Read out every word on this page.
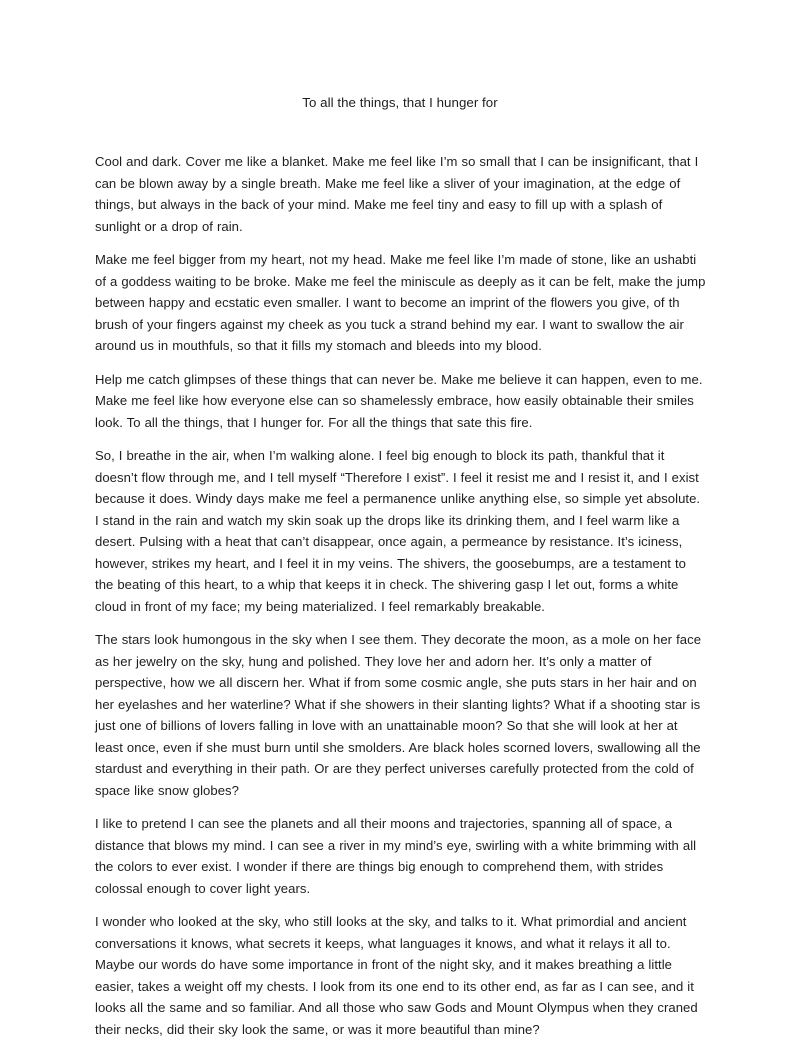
To all the things, that I hunger for

Cool and dark. Cover me like a blanket. Make me feel like I’m so small that I can be insignificant, that I can be blown away by a single breath. Make me feel like a sliver of your imagination, at the edge of things, but always in the back of your mind. Make me feel tiny and easy to fill up with a splash of sunlight or a drop of rain.

Make me feel bigger from my heart, not my head. Make me feel like I’m made of stone, like an ushabti of a goddess waiting to be broke. Make me feel the miniscule as deeply as it can be felt, make the jump between happy and ecstatic even smaller. I want to become an imprint of the flowers you give, of th brush of your fingers against my cheek as you tuck a strand behind my ear. I want to swallow the air around us in mouthfuls, so that it fills my stomach and bleeds into my blood.

Help me catch glimpses of these things that can never be. Make me believe it can happen, even to me. Make me feel like how everyone else can so shamelessly embrace, how easily obtainable their smiles look. To all the things, that I hunger for. For all the things that sate this fire.

So, I breathe in the air, when I’m walking alone. I feel big enough to block its path, thankful that it doesn’t flow through me, and I tell myself “Therefore I exist”. I feel it resist me and I resist it, and I exist because it does. Windy days make me feel a permanence unlike anything else, so simple yet absolute. I stand in the rain and watch my skin soak up the drops like its drinking them, and I feel warm like a desert. Pulsing with a heat that can’t disappear, once again, a permeance by resistance. It’s iciness, however, strikes my heart, and I feel it in my veins. The shivers, the goosebumps, are a testament to the beating of this heart, to a whip that keeps it in check. The shivering gasp I let out, forms a white cloud in front of my face; my being materialized. I feel remarkably breakable.

The stars look humongous in the sky when I see them. They decorate the moon, as a mole on her face as her jewelry on the sky, hung and polished. They love her and adorn her. It’s only a matter of perspective, how we all discern her. What if from some cosmic angle, she puts stars in her hair and on her eyelashes and her waterline? What if she showers in their slanting lights? What if a shooting star is just one of billions of lovers falling in love with an unattainable moon? So that she will look at her at least once, even if she must burn until she smolders. Are black holes scorned lovers, swallowing all the stardust and everything in their path. Or are they perfect universes carefully protected from the cold of space like snow globes?

I like to pretend I can see the planets and all their moons and trajectories, spanning all of space, a distance that blows my mind. I can see a river in my mind’s eye, swirling with a white brimming with all the colors to ever exist. I wonder if there are things big enough to comprehend them, with strides colossal enough to cover light years.

I wonder who looked at the sky, who still looks at the sky, and talks to it. What primordial and ancient conversations it knows, what secrets it keeps, what languages it knows, and what it relays it all to. Maybe our words do have some importance in front of the night sky, and it makes breathing a little easier, takes a weight off my chests. I look from its one end to its other end, as far as I can see, and it looks all the same and so familiar. And all those who saw Gods and Mount Olympus when they craned their necks, did their sky look the same, or was it more beautiful than mine?
